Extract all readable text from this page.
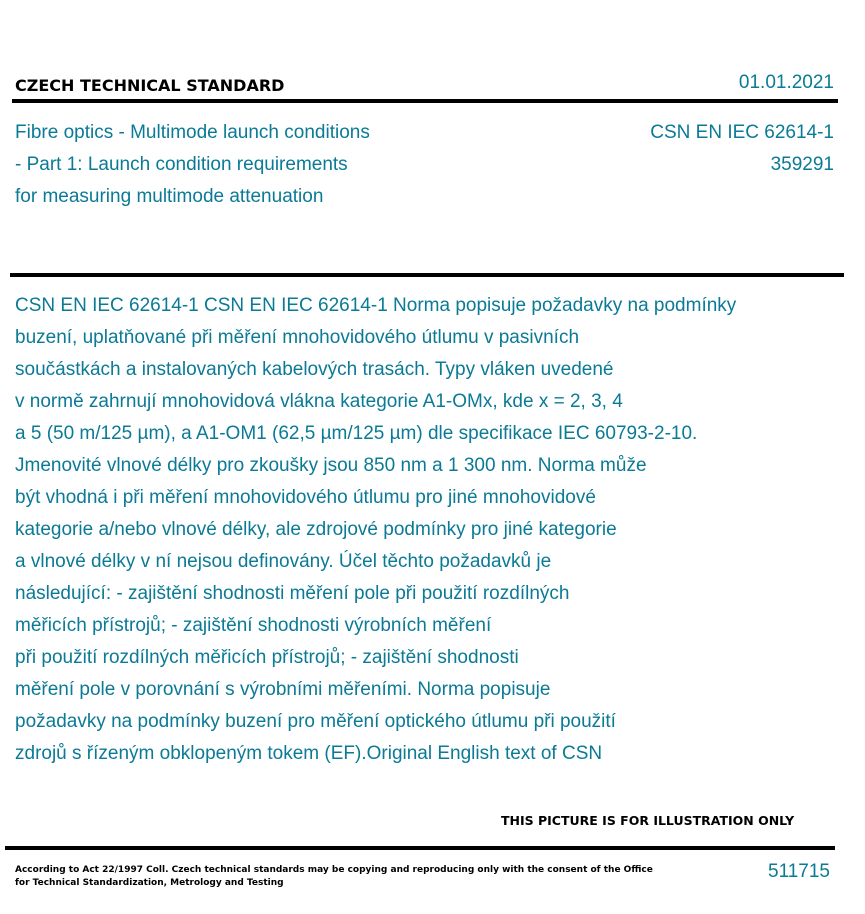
CZECH TECHNICAL STANDARD	01.01.2021
Fibre optics - Multimode launch conditions
- Part 1: Launch condition requirements
for measuring multimode attenuation
CSN EN IEC 62614-1
359291
CSN EN IEC 62614-1 CSN EN IEC 62614-1 Norma popisuje požadavky na podmínky
buzení, uplatňované při měření mnohovidového útlumu v pasivních
součástkách a instalovaných kabelových trasách. Typy vláken uvedené
v normě zahrnují mnohovidová vlákna kategorie A1-OMx, kde x = 2, 3, 4
a 5 (50 m/125 µm), a A1-OM1 (62,5 µm/125 µm) dle specifikace IEC 60793-2-10.
Jmenovité vlnové délky pro zkoušky jsou 850 nm a 1 300 nm. Norma může
být vhodná i při měření mnohovidového útlumu pro jiné mnohovidové
kategorie a/nebo vlnové délky, ale zdrojové podmínky pro jiné kategorie
a vlnové délky v ní nejsou definovány. Účel těchto požadavků je
následující: - zajištění shodnosti měření pole při použití rozdílných
měřicích přístrojů; - zajištění shodnosti výrobních měření
při použití rozdílných měřicích přístrojů; - zajištění shodnosti
měření pole v porovnání s výrobními měřeními. Norma popisuje
požadavky na podmínky buzení pro měření optického útlumu při použití
zdrojů s řízeným obklopeným tokem (EF).Original English text of CSN
THIS PICTURE IS FOR ILLUSTRATION ONLY
According to Act 22/1997 Coll. Czech technical standards may be copying and reproducing only with the consent of the Office
for Technical Standardization, Metrology and Testing
511715
